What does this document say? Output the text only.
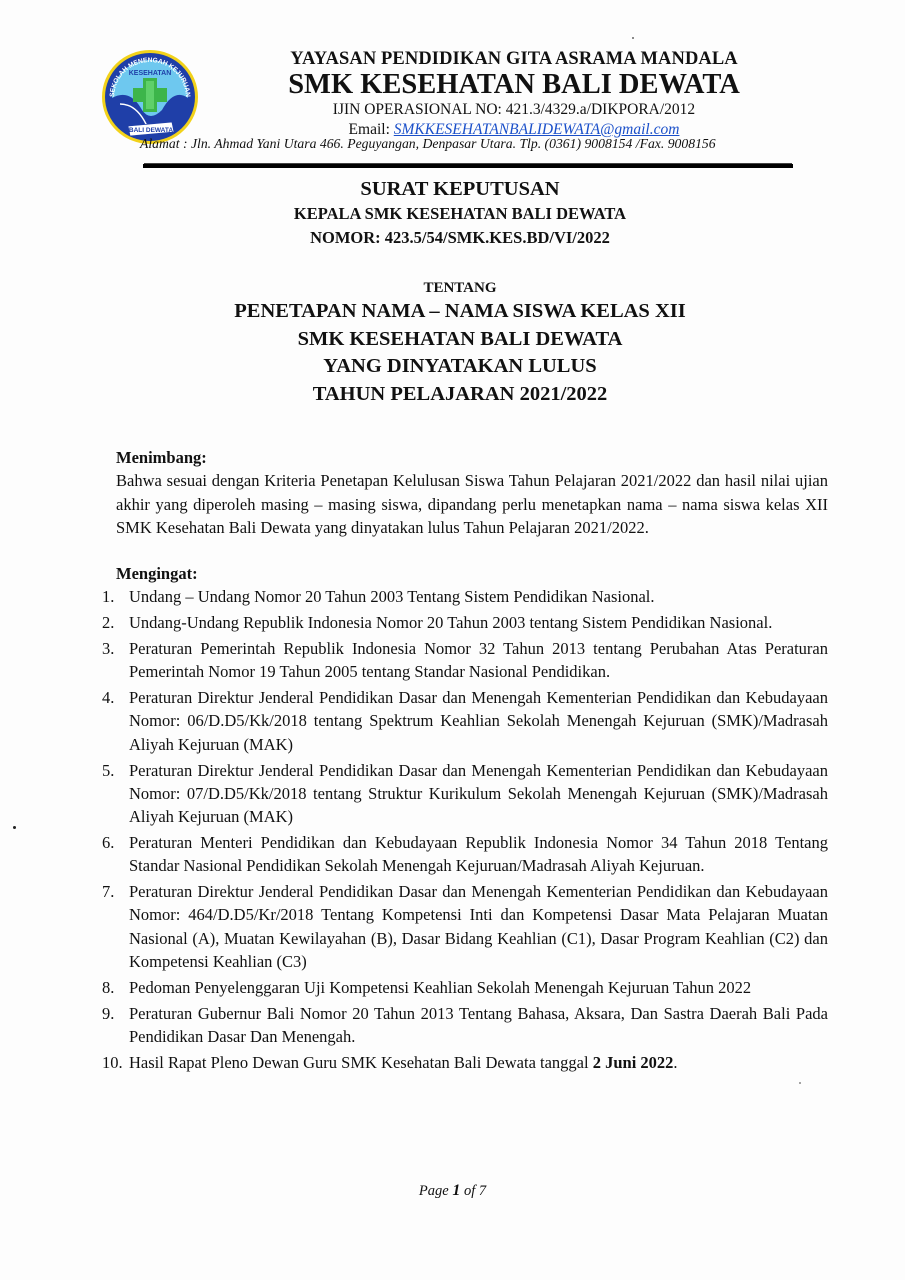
BALI DEWATA
KESEHATAN
SEKOLAH MENENGAH KEJURUAN
YAYASAN PENDIDIKAN GITA ASRAMA MANDALA
SMK KESEHATAN BALI DEWATA
IJIN OPERASIONAL NO: 421.3/4329.a/DIKPORA/2012
Email: SMKKESEHATANBALIDEWATA@gmail.com
Alamat : Jln. Ahmad Yani Utara 466. Peguyangan, Denpasar Utara. Tlp. (0361) 9008154 /Fax. 9008156
SURAT KEPUTUSAN
KEPALA SMK KESEHATAN BALI DEWATA
NOMOR: 423.5/54/SMK.KES.BD/VI/2022
TENTANG
PENETAPAN NAMA – NAMA SISWA KELAS XII
SMK KESEHATAN BALI DEWATA
YANG DINYATAKAN LULUS
TAHUN PELAJARAN 2021/2022
Menimbang:
Bahwa sesuai dengan Kriteria Penetapan Kelulusan Siswa Tahun Pelajaran 2021/2022 dan hasil nilai ujian akhir yang diperoleh masing – masing siswa, dipandang perlu menetapkan nama – nama siswa kelas XII SMK Kesehatan Bali Dewata yang dinyatakan lulus Tahun Pelajaran 2021/2022.
Mengingat:
1. Undang – Undang Nomor 20 Tahun 2003 Tentang Sistem Pendidikan Nasional.
2. Undang-Undang Republik Indonesia Nomor 20 Tahun 2003 tentang Sistem Pendidikan Nasional.
3. Peraturan Pemerintah Republik Indonesia Nomor 32 Tahun 2013 tentang Perubahan Atas Peraturan Pemerintah Nomor 19 Tahun 2005 tentang Standar Nasional Pendidikan.
4. Peraturan Direktur Jenderal Pendidikan Dasar dan Menengah Kementerian Pendidikan dan Kebudayaan Nomor: 06/D.D5/Kk/2018 tentang Spektrum Keahlian Sekolah Menengah Kejuruan (SMK)/Madrasah Aliyah Kejuruan (MAK)
5. Peraturan Direktur Jenderal Pendidikan Dasar dan Menengah Kementerian Pendidikan dan Kebudayaan Nomor: 07/D.D5/Kk/2018 tentang Struktur Kurikulum Sekolah Menengah Kejuruan (SMK)/Madrasah Aliyah Kejuruan (MAK)
6. Peraturan Menteri Pendidikan dan Kebudayaan Republik Indonesia Nomor 34 Tahun 2018 Tentang Standar Nasional Pendidikan Sekolah Menengah Kejuruan/Madrasah Aliyah Kejuruan.
7. Peraturan Direktur Jenderal Pendidikan Dasar dan Menengah Kementerian Pendidikan dan Kebudayaan Nomor: 464/D.D5/Kr/2018 Tentang Kompetensi Inti dan Kompetensi Dasar Mata Pelajaran Muatan Nasional (A), Muatan Kewilayahan (B), Dasar Bidang Keahlian (C1), Dasar Program Keahlian (C2) dan Kompetensi Keahlian (C3)
8. Pedoman Penyelenggaran Uji Kompetensi Keahlian Sekolah Menengah Kejuruan Tahun 2022
9. Peraturan Gubernur Bali Nomor 20 Tahun 2013 Tentang Bahasa, Aksara, Dan Sastra Daerah Bali Pada Pendidikan Dasar Dan Menengah.
10. Hasil Rapat Pleno Dewan Guru SMK Kesehatan Bali Dewata tanggal 2 Juni 2022.
Page 1 of 7
